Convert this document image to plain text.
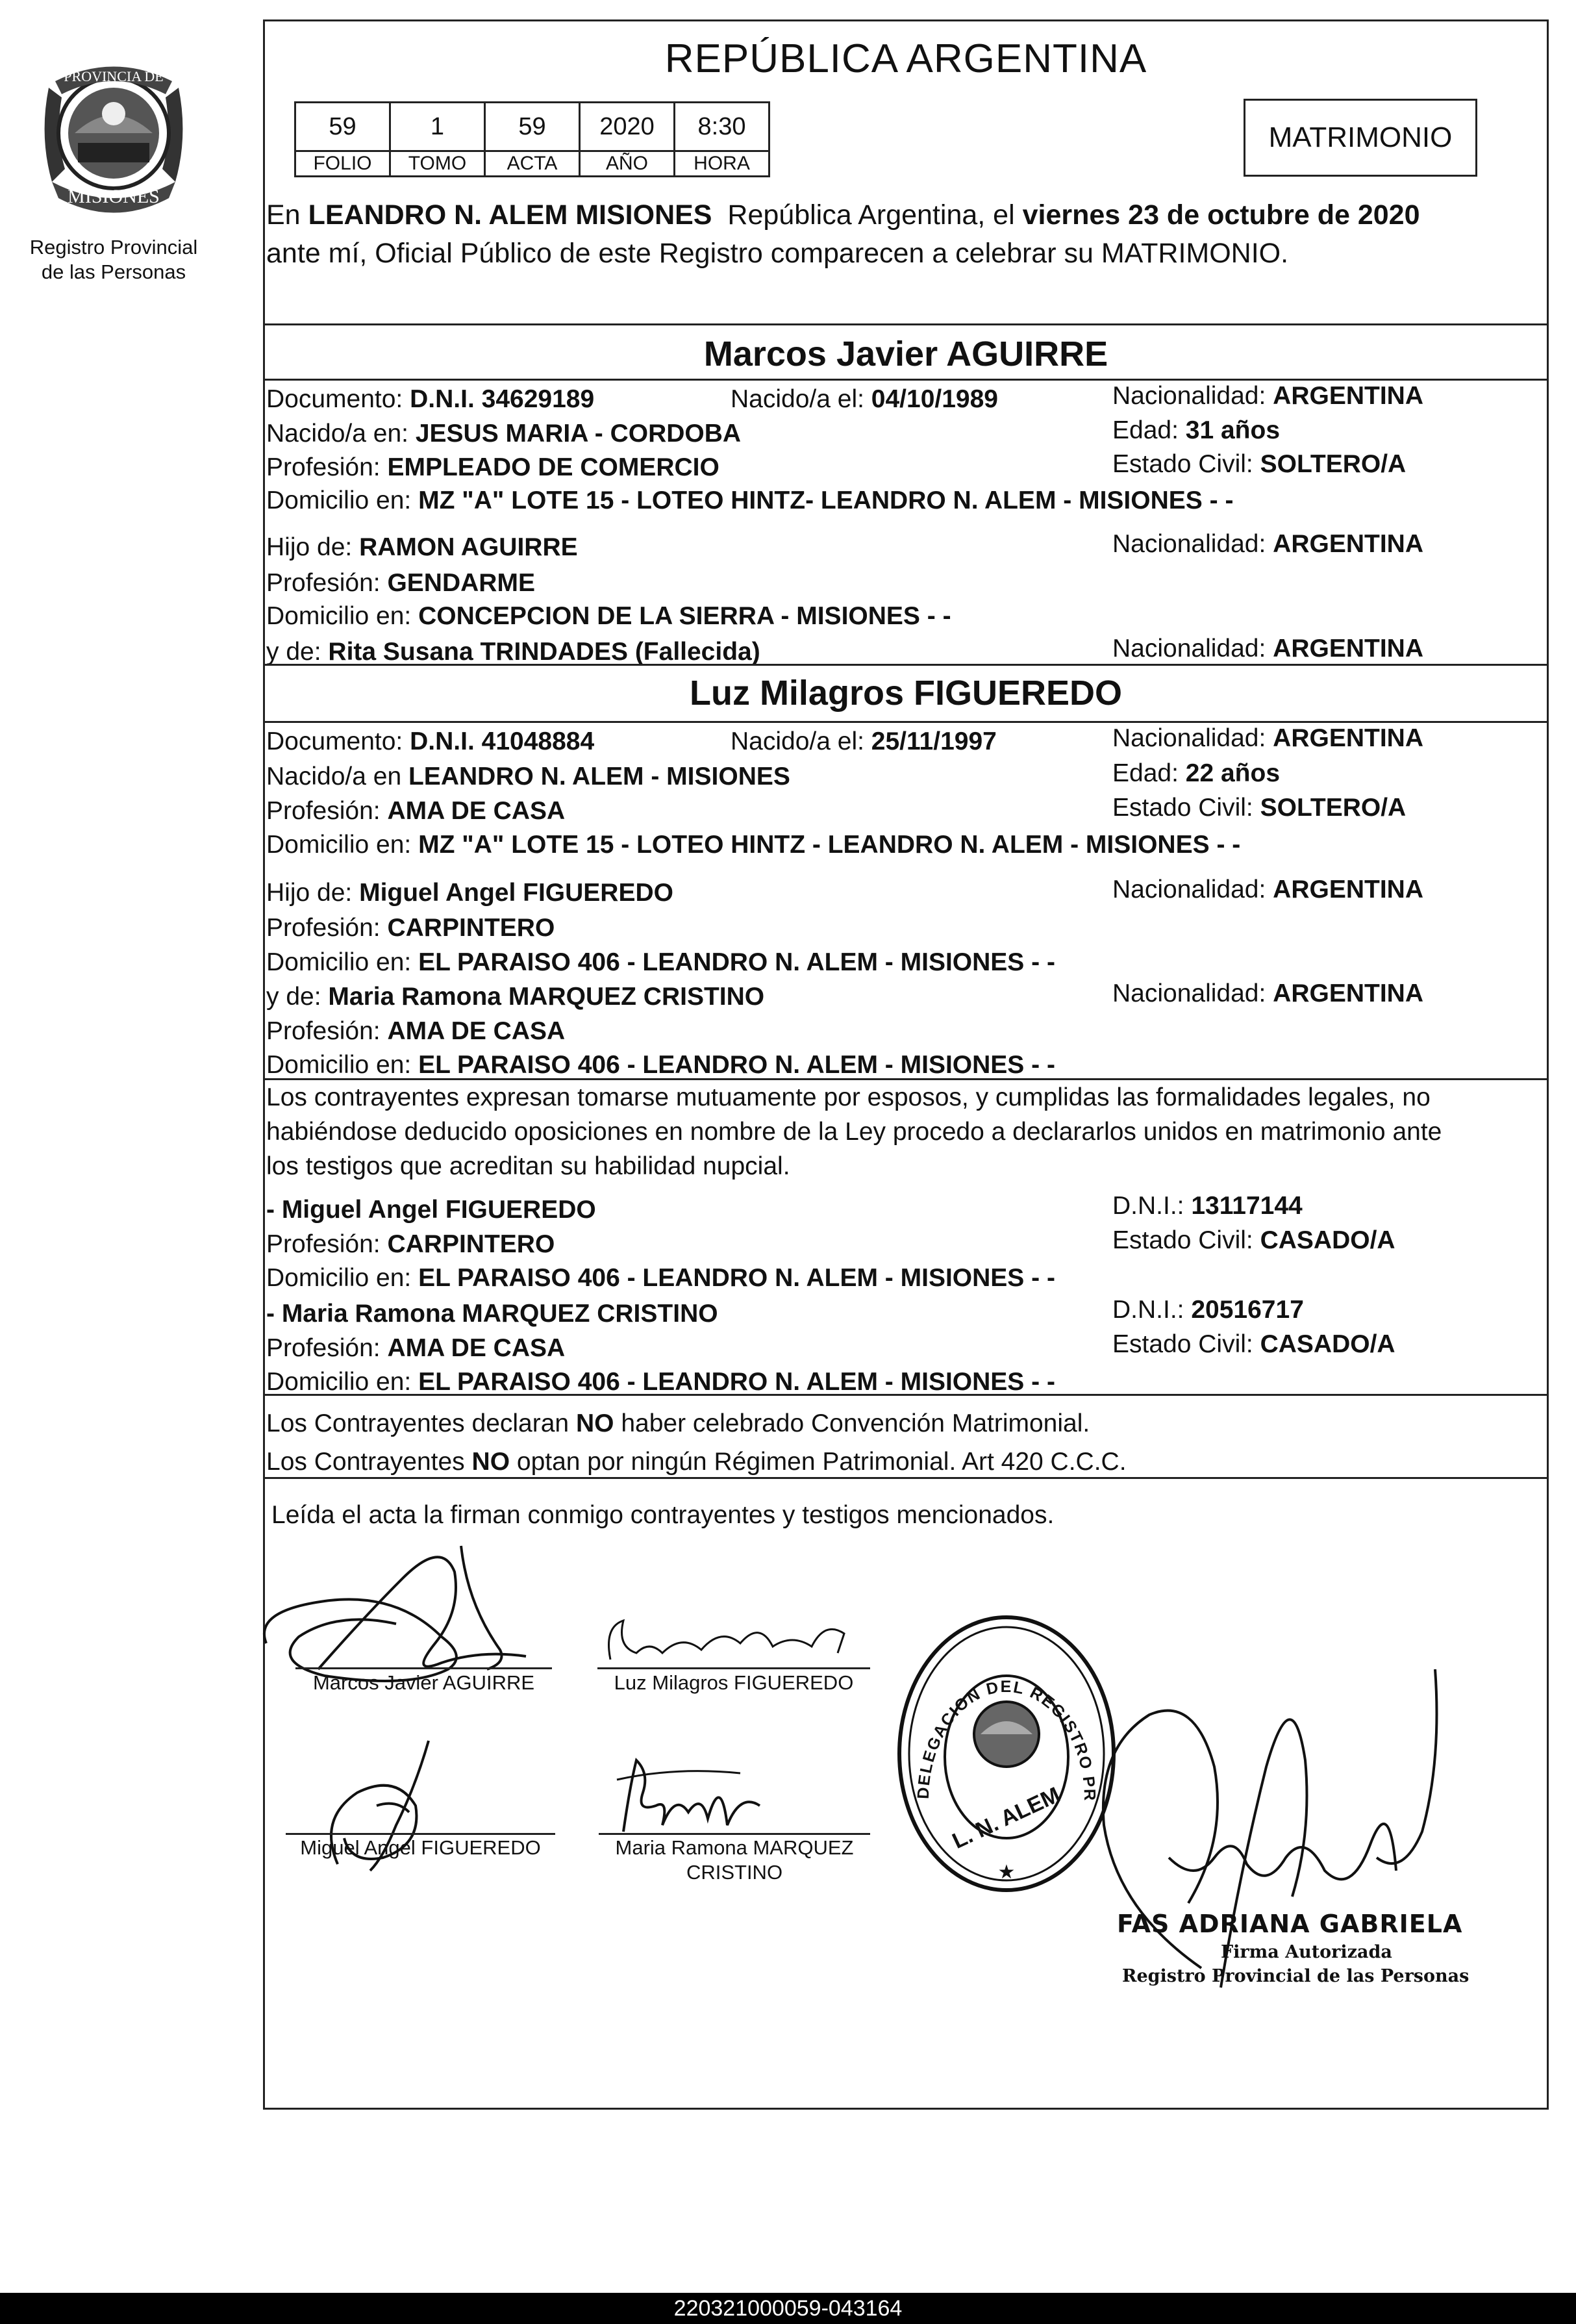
PROVINCIA DE
MISIONES
Registro Provincial
de las Personas
REPÚBLICA ARGENTINA
59	1	59	2020	8:30
FOLIO	TOMO	ACTA	AÑO	HORA
MATRIMONIO
En LEANDRO N. ALEM MISIONES República Argentina, el viernes 23 de octubre de 2020
ante mí, Oficial Público de este Registro comparecen a celebrar su MATRIMONIO.
Marcos Javier AGUIRRE
Documento: D.N.I. 34629189	Nacido/a el: 04/10/1989	Nacionalidad: ARGENTINA
Nacido/a en: JESUS MARIA - CORDOBA	Edad: 31 años
Profesión: EMPLEADO DE COMERCIO	Estado Civil: SOLTERO/A
Domicilio en: MZ "A" LOTE 15 - LOTEO HINTZ- LEANDRO N. ALEM - MISIONES - -
Hijo de: RAMON AGUIRRE	Nacionalidad: ARGENTINA
Profesión: GENDARME
Domicilio en: CONCEPCION DE LA SIERRA - MISIONES - -
y de: Rita Susana TRINDADES (Fallecida)	Nacionalidad: ARGENTINA
Luz Milagros FIGUEREDO
Documento: D.N.I. 41048884	Nacido/a el: 25/11/1997	Nacionalidad: ARGENTINA
Nacido/a en LEANDRO N. ALEM - MISIONES	Edad: 22 años
Profesión: AMA DE CASA	Estado Civil: SOLTERO/A
Domicilio en: MZ "A" LOTE 15 - LOTEO HINTZ - LEANDRO N. ALEM - MISIONES - -
Hijo de: Miguel Angel FIGUEREDO	Nacionalidad: ARGENTINA
Profesión: CARPINTERO
Domicilio en: EL PARAISO 406 - LEANDRO N. ALEM - MISIONES - -
y de: Maria Ramona MARQUEZ CRISTINO	Nacionalidad: ARGENTINA
Profesión: AMA DE CASA
Domicilio en: EL PARAISO 406 - LEANDRO N. ALEM - MISIONES - -
Los contrayentes expresan tomarse mutuamente por esposos, y cumplidas las formalidades legales, no
habiéndose deducido oposiciones en nombre de la Ley procedo a declararlos unidos en matrimonio ante
los testigos que acreditan su habilidad nupcial.
- Miguel Angel FIGUEREDO	D.N.I.: 13117144
Profesión: CARPINTERO	Estado Civil: CASADO/A
Domicilio en: EL PARAISO 406 - LEANDRO N. ALEM - MISIONES - -
- Maria Ramona MARQUEZ CRISTINO	D.N.I.: 20516717
Profesión: AMA DE CASA	Estado Civil: CASADO/A
Domicilio en: EL PARAISO 406 - LEANDRO N. ALEM - MISIONES - -
Los Contrayentes declaran NO haber celebrado Convención Matrimonial.
Los Contrayentes NO optan por ningún Régimen Patrimonial. Art 420 C.C.C.
Leída el acta la firman conmigo contrayentes y testigos mencionados.
Marcos Javier AGUIRRE	Luz Milagros FIGUEREDO
Miguel Angel FIGUEREDO	Maria Ramona MARQUEZ
CRISTINO
DELEGACION DEL REGISTRO PROVINCIAL DE LAS PERSONAS
L. N. ALEM
★
FAS ADRIANA GABRIELA
Firma Autorizada
Registro Provincial de las Personas
220321000059-043164
